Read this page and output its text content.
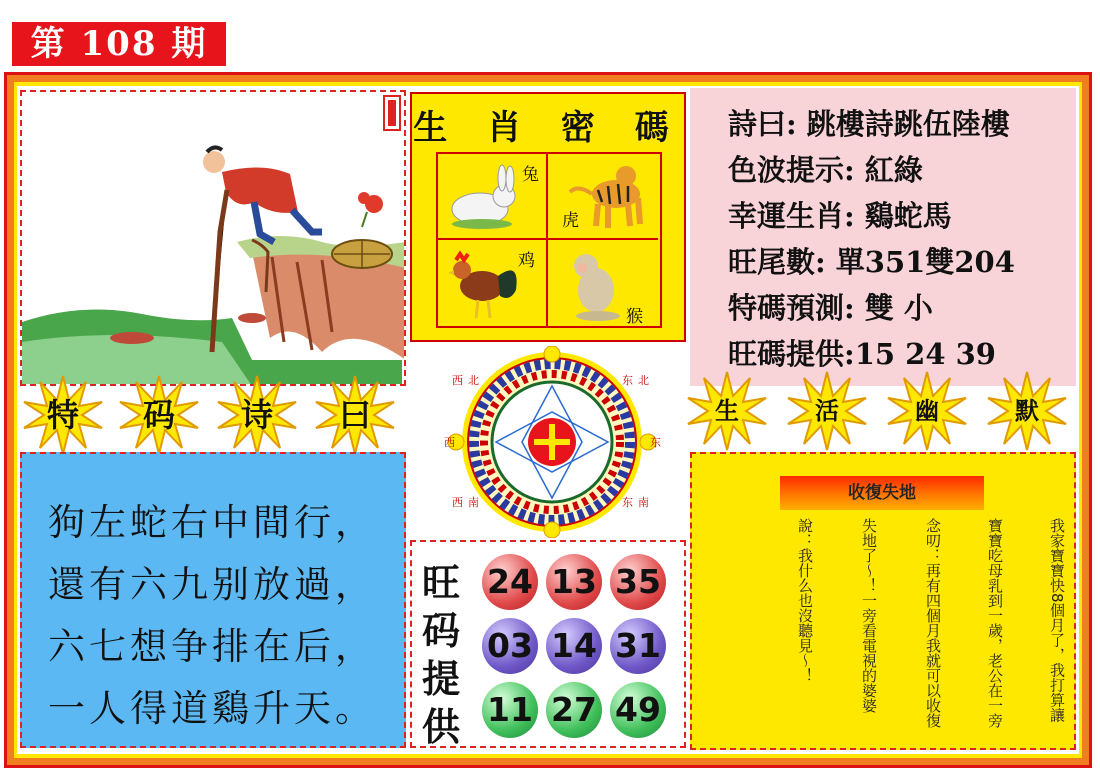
第 108 期
特	码	诗	曰
狗左蛇右中間行，
還有六九别放過，
六七想争排在后，
一人得道鷄升天。
生 肖 密 碼
兔
虎
鸡
猴
詩曰: 跳樓詩跳伍陸樓
色波提示: 紅綠
幸運生肖: 鷄蛇馬
旺尾數: 單351雙204
特碼預測: 雙 小
旺碼提供:15 24 39
生	活	幽	默
西 北	东 北
西	东
西 南	东 南
旺
码
提
供
24 13 35
03 14 31
11 27 49
收復失地
我家寶寶快8個月了，我打算讓
寶寶吃母乳到一歲，老公在一旁
念叨：再有四個月我就可以收復
失地了～！一旁看電視的婆婆
說：我什么也沒聽見～！
